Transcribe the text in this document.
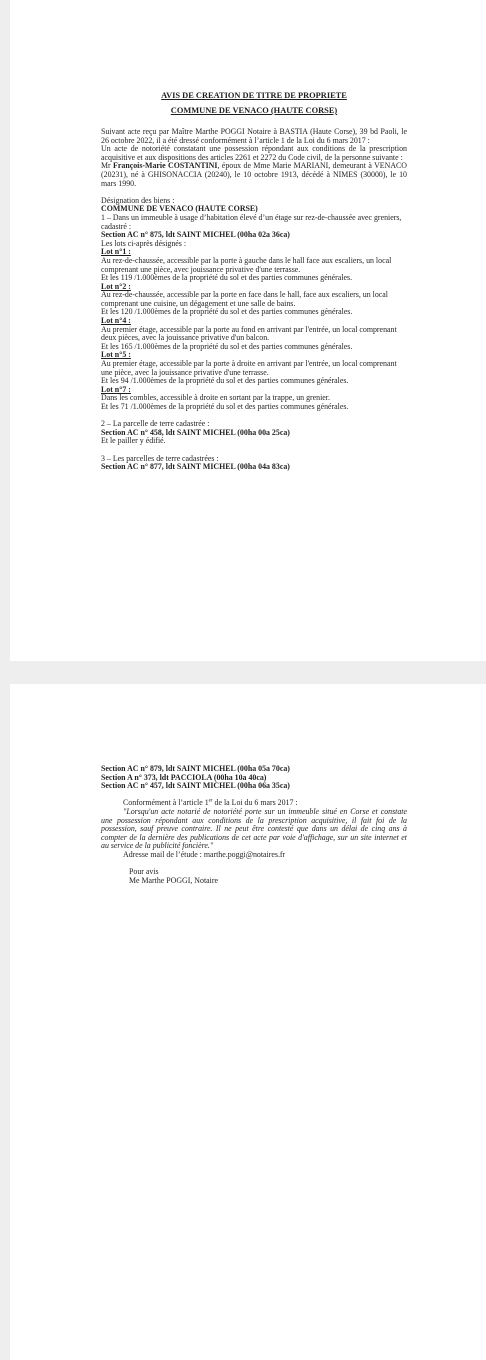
AVIS DE CREATION DE TITRE DE PROPRIETE
COMMUNE DE VENACO (HAUTE CORSE)
Suivant acte reçu par Maître Marthe POGGI Notaire à BASTIA (Haute Corse), 39 bd Paoli, le 26 octobre 2022, il a été dressé conformément à l’article 1 de la Loi du 6 mars 2017 :
Un acte de notoriété constatant une possession répondant aux conditions de la prescription acquisitive et aux dispositions des articles 2261 et 2272 du Code civil, de la personne suivante :
Mr François-Marie COSTANTINI, époux de Mme Marie MARIANI, demeurant à VENACO (20231), né à GHISONACCIA (20240), le 10 octobre 1913, décédé à NIMES (30000), le 10 mars 1990.
Désignation des biens :
COMMUNE DE VENACO (HAUTE CORSE)
1 – Dans un immeuble à usage d’habitation élevé d’un étage sur rez-de-chaussée avec greniers, cadastré :
Section AC n° 875, ldt SAINT MICHEL (00ha 02a 36ca)
Les lots ci-après désignés :
Lot n°1 :
Au rez-de-chaussée, accessible par la porte à gauche dans le hall face aux escaliers, un local comprenant une pièce, avec jouissance privative d'une terrasse.
Et les 119 /1.000èmes de la propriété du sol et des parties communes générales.
Lot n°2 :
Au rez-de-chaussée, accessible par la porte en face dans le hall, face aux escaliers, un local comprenant une cuisine, un dégagement et une salle de bains.
Et les 120 /1.000èmes de la propriété du sol et des parties communes générales.
Lot n°4 :
Au premier étage, accessible par la porte au fond en arrivant par l'entrée, un local comprenant deux pièces, avec la jouissance privative d'un balcon.
Et les 165 /1.000èmes de la propriété du sol et des parties communes générales.
Lot n°5 :
Au premier étage, accessible par la porte à droite en arrivant par l'entrée, un local comprenant une pièce, avec la jouissance privative d'une terrasse.
Et les 94 /1.000èmes de la propriété du sol et des parties communes générales.
Lot n°7 :
Dans les combles, accessible à droite en sortant par la trappe, un grenier.
Et les 71 /1.000èmes de la propriété du sol et des parties communes générales.
2 – La parcelle de terre cadastrée :
Section AC n° 458, ldt SAINT MICHEL (00ha 00a 25ca)
Et le pailler y édifié.
3 – Les parcelles de terre cadastrées :
Section AC n° 877, ldt SAINT MICHEL (00ha 04a 83ca)
Section AC n° 879, ldt SAINT MICHEL (00ha 05a 70ca)
Section A n° 373, ldt PACCIOLA (00ha 10a 40ca)
Section AC n° 457, ldt SAINT MICHEL (00ha 06a 35ca)
Conformément à l’article 1er de la Loi du 6 mars 2017 :
"Lorsqu'un acte notarié de notoriété porte sur un immeuble situé en Corse et constate une possession répondant aux conditions de la prescription acquisitive, il fait foi de la possession, sauf preuve contraire. Il ne peut être contesté que dans un délai de cinq ans à compter de la dernière des publications de cet acte par voie d'affichage, sur un site internet et au service de la publicité foncière."
Adresse mail de l’étude : marthe.poggi@notaires.fr
Pour avis
Me Marthe POGGI, Notaire
